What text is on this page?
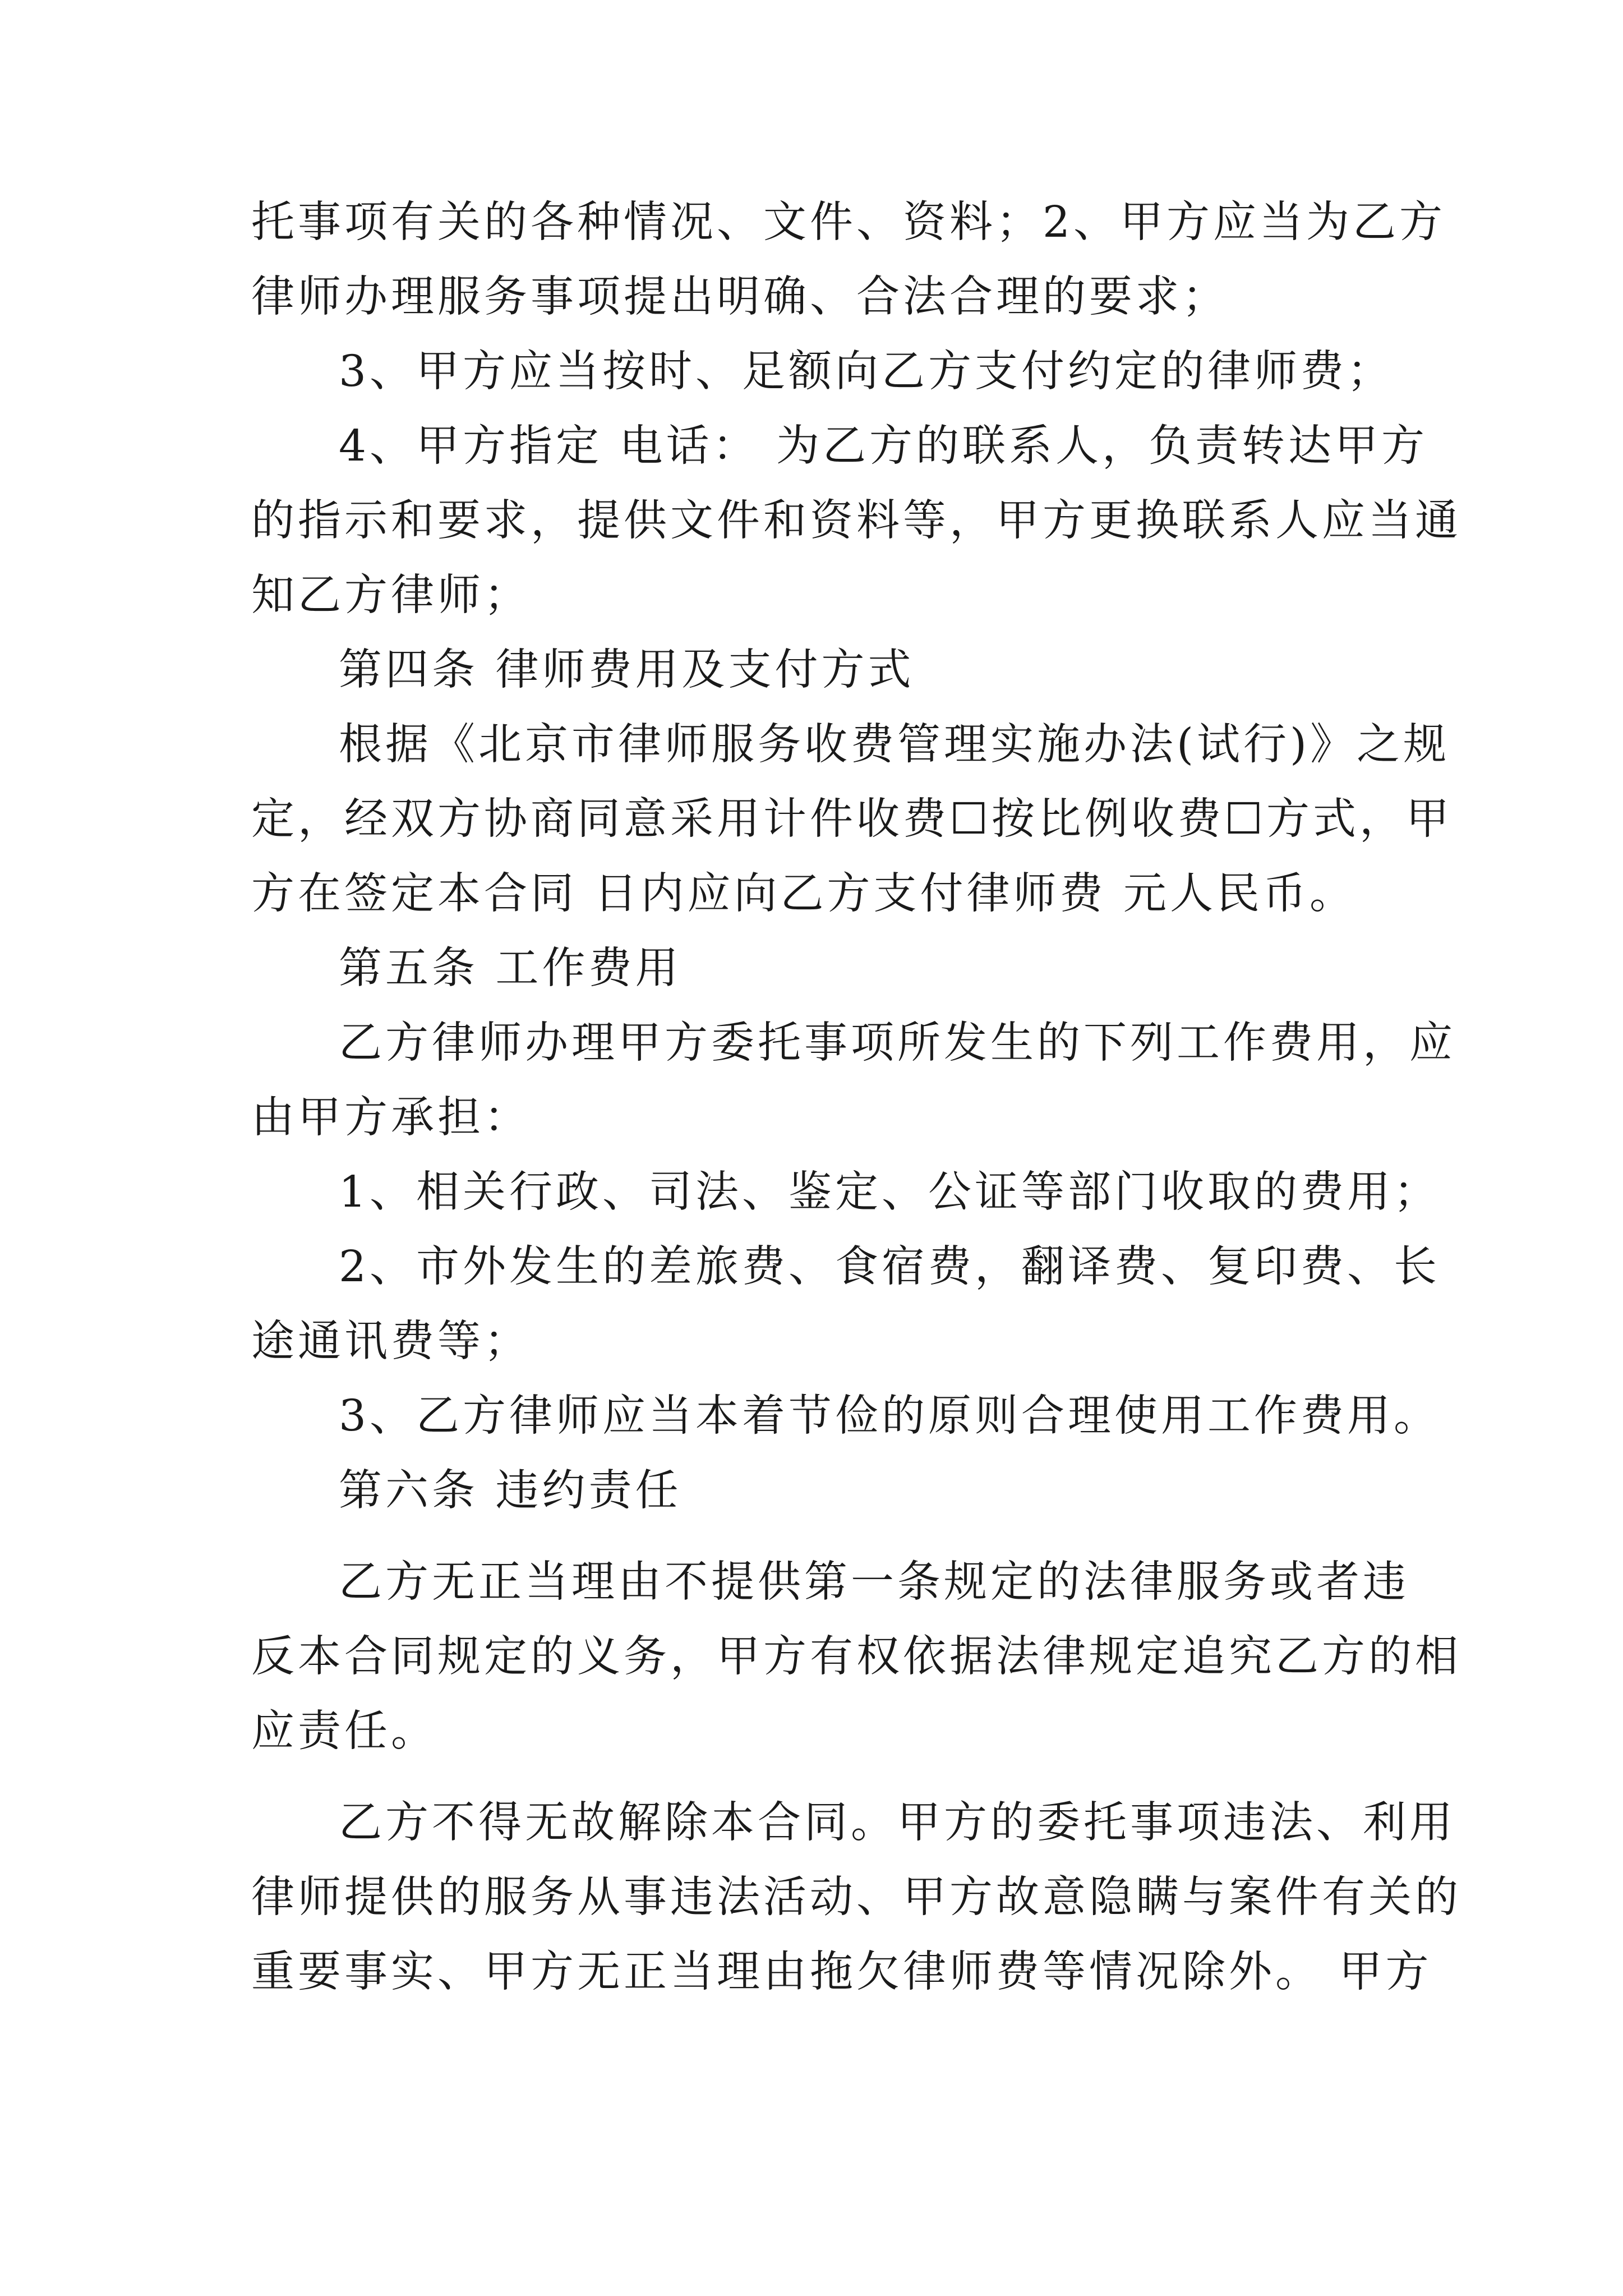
托事项有关的各种情况、文件、资料；2、甲方应当为乙方
律师办理服务事项提出明确、合法合理的要求；
3、甲方应当按时、足额向乙方支付约定的律师费；
4、甲方指定 电话： 为乙方的联系人，负责转达甲方
的指示和要求，提供文件和资料等，甲方更换联系人应当通
知乙方律师；
第四条 律师费用及支付方式
根据《北京市律师服务收费管理实施办法(试行)》之规
定，经双方协商同意采用计件收费☐按比例收费☐方式，甲
方在签定本合同 日内应向乙方支付律师费 元人民币。
第五条 工作费用
乙方律师办理甲方委托事项所发生的下列工作费用，应
由甲方承担：
1、相关行政、司法、鉴定、公证等部门收取的费用；
2、市外发生的差旅费、食宿费，翻译费、复印费、长
途通讯费等；
3、乙方律师应当本着节俭的原则合理使用工作费用。
第六条 违约责任
乙方无正当理由不提供第一条规定的法律服务或者违
反本合同规定的义务，甲方有权依据法律规定追究乙方的相
应责任。
乙方不得无故解除本合同。甲方的委托事项违法、利用
律师提供的服务从事违法活动、甲方故意隐瞒与案件有关的
重要事实、甲方无正当理由拖欠律师费等情况除外。 甲方
